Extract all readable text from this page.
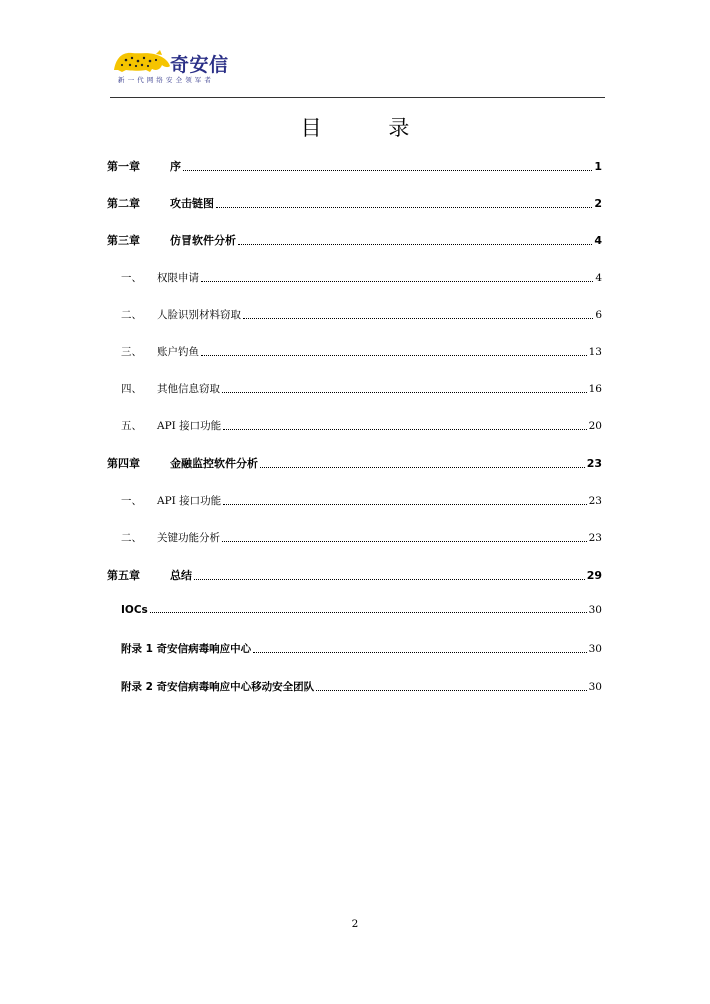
奇安信
新一代网络安全领军者
目 录
第一章	序	1
第二章	攻击链图	2
第三章	仿冒软件分析	4
一、	权限申请	4
二、	人脸识别材料窃取	6
三、	账户钓鱼	13
四、	其他信息窃取	16
五、	API 接口功能	20
第四章	金融监控软件分析	23
一、	API 接口功能	23
二、	关键功能分析	23
第五章	总结	29
IOCs	30
附录 1 奇安信病毒响应中心	30
附录 2 奇安信病毒响应中心移动安全团队	30
2
